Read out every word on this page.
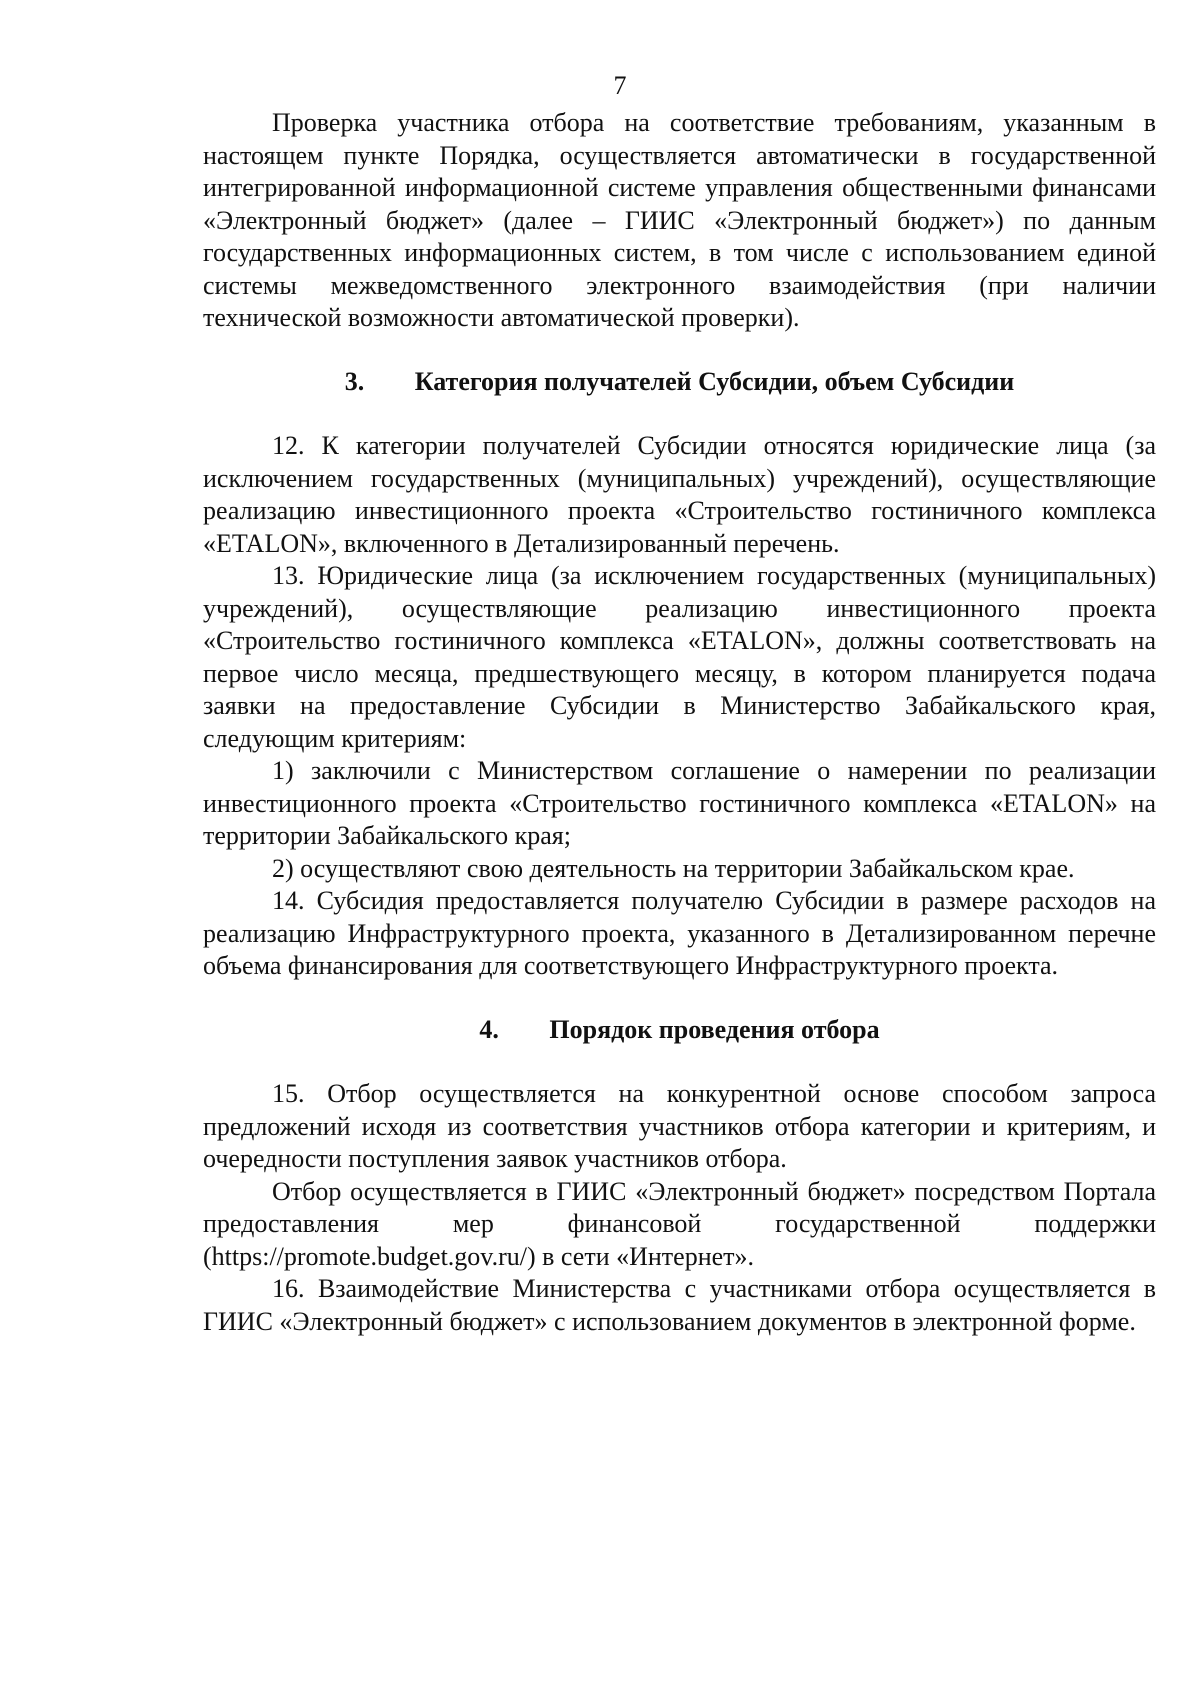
7

Проверка участника отбора на соответствие требованиям, указанным в настоящем пункте Порядка, осуществляется автоматически в государственной интегрированной информационной системе управления общественными финансами «Электронный бюджет» (далее – ГИИС «Электронный бюджет») по данным государственных информационных систем, в том числе с использованием единой системы межведомственного электронного взаимодействия (при наличии технической возможности автоматической проверки).

3. Категория получателей Субсидии, объем Субсидии

12. К категории получателей Субсидии относятся юридические лица (за исключением государственных (муниципальных) учреждений), осуществляющие реализацию инвестиционного проекта «Строительство гостиничного комплекса «ETALON», включенного в Детализированный перечень.

13. Юридические лица (за исключением государственных (муниципальных) учреждений), осуществляющие реализацию инвестиционного проекта «Строительство гостиничного комплекса «ETALON», должны соответствовать на первое число месяца, предшествующего месяцу, в котором планируется подача заявки на предоставление Субсидии в Министерство Забайкальского края, следующим критериям:

1) заключили с Министерством соглашение о намерении по реализации инвестиционного проекта «Строительство гостиничного комплекса «ETALON» на территории Забайкальского края;

2) осуществляют свою деятельность на территории Забайкальском крае.

14. Субсидия предоставляется получателю Субсидии в размере расходов на реализацию Инфраструктурного проекта, указанного в Детализированном перечне объема финансирования для соответствующего Инфраструктурного проекта.

4. Порядок проведения отбора

15. Отбор осуществляется на конкурентной основе способом запроса предложений исходя из соответствия участников отбора категории и критериям, и очередности поступления заявок участников отбора.

Отбор осуществляется в ГИИС «Электронный бюджет» посредством Портала предоставления мер финансовой государственной поддержки (https://promote.budget.gov.ru/) в сети «Интернет».

16. Взаимодействие Министерства с участниками отбора осуществляется в ГИИС «Электронный бюджет» с использованием документов в электронной форме.
